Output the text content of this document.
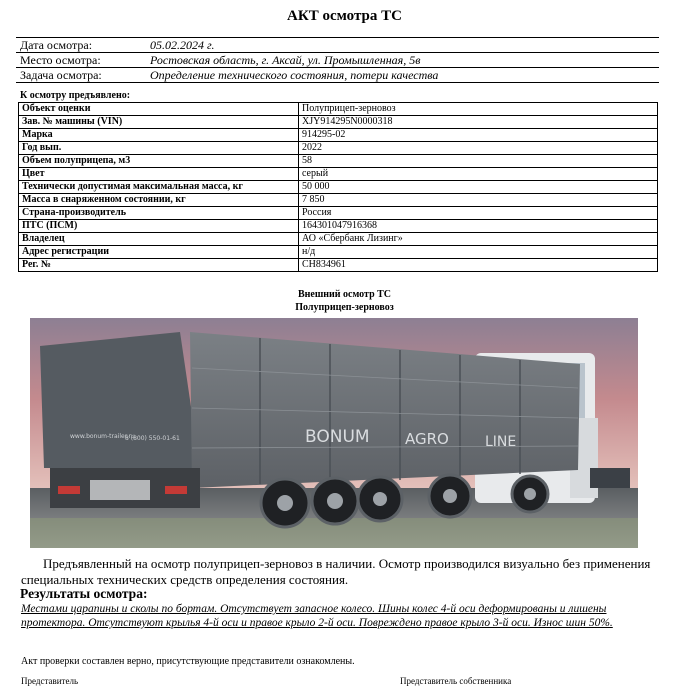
АКТ осмотра ТС
Дата осмотра:	05.02.2024 г.
Место осмотра:	Ростовская область, г. Аксай, ул. Промышленная, 5в
Задача осмотра:	Определение технического состояния, потери качества
К осмотру предъявлено:
Объект оценки	Полуприцеп-зерновоз
Зав. № машины (VIN)	XJY914295N0000318
Марка	914295-02
Год вып.	2022
Объем полуприцепа, м3	58
Цвет	серый
Технически допустимая максимальная масса, кг	50 000
Масса в снаряженном состоянии, кг	7 850
Страна-производитель	Россия
ПТС (ПСМ)	164301047916368
Владелец	АО «Сбербанк Лизинг»
Адрес регистрации	н/д
Рег. №	СН834961
Внешний осмотр ТС
Полуприцеп-зерновоз
BONUM AGRO	LINE
www.bonum-trailer.ru
8 (800) 550-01-61
Предъявленный на осмотр полуприцеп-зерновоз в наличии. Осмотр производился визуально без применения специальных технических средств определения состояния.
Результаты осмотра:
Местами царапины и сколы по бортам. Отсутствует запасное колесо. Шины колес 4-й оси деформированы и лишены протектора. Отсутствуют крылья 4-й оси и правое крыло 2-й оси. Повреждено правое крыло 3-й оси. Износ шин 50%.
Акт проверки составлен верно, присутствующие представители ознакомлены.
Представитель	Представитель собственника
